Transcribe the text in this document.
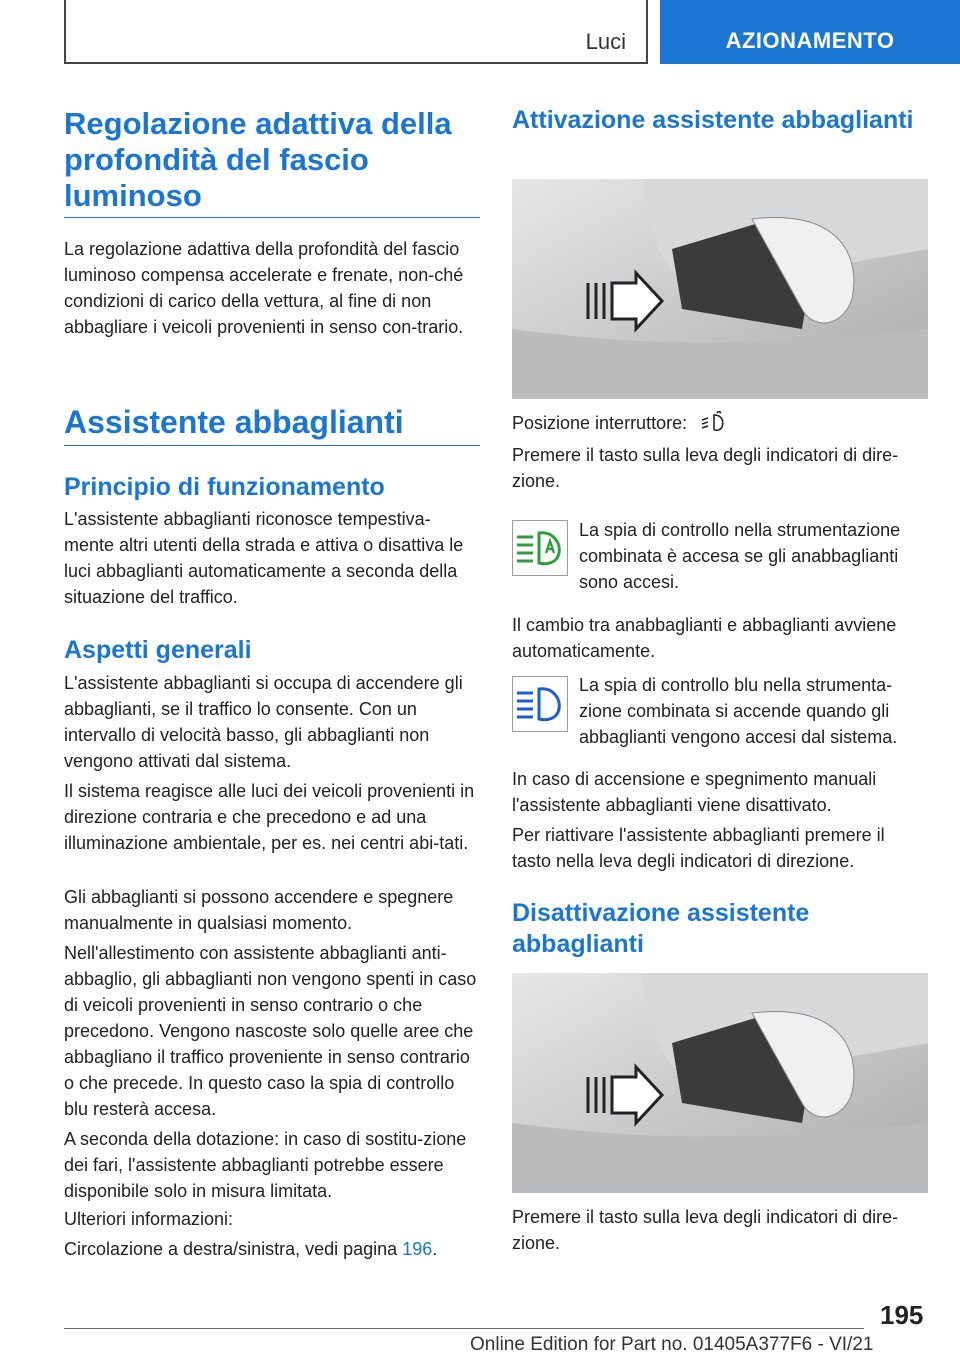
Luci	AZIONAMENTO
Regolazione adattiva della profondità del fascio luminoso
La regolazione adattiva della profondità del fascio luminoso compensa accelerate e frenate, non-ché condizioni di carico della vettura, al fine di non abbagliare i veicoli provenienti in senso con-trario.
Assistente abbaglianti
Principio di funzionamento
L'assistente abbaglianti riconosce tempestiva-mente altri utenti della strada e attiva o disattiva le luci abbaglianti automaticamente a seconda della situazione del traffico.
Aspetti generali
L'assistente abbaglianti si occupa di accendere gli abbaglianti, se il traffico lo consente. Con un intervallo di velocità basso, gli abbaglianti non vengono attivati dal sistema.
Il sistema reagisce alle luci dei veicoli provenienti in direzione contraria e che precedono e ad una illuminazione ambientale, per es. nei centri abi-tati.
Gli abbaglianti si possono accendere e spegnere manualmente in qualsiasi momento.
Nell'allestimento con assistente abbaglianti anti-abbaglio, gli abbaglianti non vengono spenti in caso di veicoli provenienti in senso contrario o che precedono. Vengono nascoste solo quelle aree che abbagliano il traffico proveniente in senso contrario o che precede. In questo caso la spia di controllo blu resterà accesa.
A seconda della dotazione: in caso di sostitu-zione dei fari, l'assistente abbaglianti potrebbe essere disponibile solo in misura limitata.
Ulteriori informazioni:
Circolazione a destra/sinistra, vedi pagina 196.
Attivazione assistente abbaglianti
Posizione interruttore:
Premere il tasto sulla leva degli indicatori di dire-zione.
La spia di controllo nella strumentazione combinata è accesa se gli anabbaglianti sono accesi.
Il cambio tra anabbaglianti e abbaglianti avviene automaticamente.
La spia di controllo blu nella strumenta-zione combinata si accende quando gli abbaglianti vengono accesi dal sistema.
In caso di accensione e spegnimento manuali l'assistente abbaglianti viene disattivato.
Per riattivare l'assistente abbaglianti premere il tasto nella leva degli indicatori di direzione.
Disattivazione assistente abbaglianti
Premere il tasto sulla leva degli indicatori di dire-zione.
195
Online Edition for Part no. 01405A377F6 - VI/21
